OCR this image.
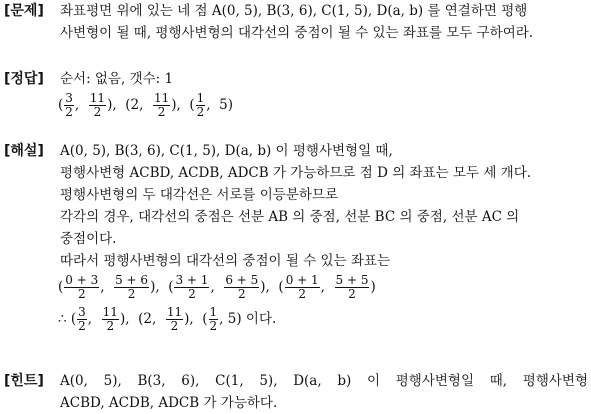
[문제] 좌표평면 위에 있는 네 점 A(0, 5), B(3, 6), C(1, 5), D(a, b) 를 연결하면 평행
사변형이 될 때, 평행사변형의 대각선의 중점이 될 수 있는 좌표를 모두 구하여라.
[정답] 순서: 없음, 갯수: 1
( $\frac{3}{2}$ , $\frac{11}{2}$ ),  (2, $\frac{11}{2}$ ),  ( $\frac{1}{2}$ ,  5)
[해설] A(0, 5), B(3, 6), C(1, 5), D(a, b) 이 평행사변형일 때,
평행사변형 ACBD, ACDB, ADCB 가 가능하므로 점 D 의 좌표는 모두 세 개다.
평행사변형의 두 대각선은 서로를 이등분하므로
각각의 경우, 대각선의 중점은 선분 AB 의 중점, 선분 BC 의 중점, 선분 AC 의
중점이다.
따라서 평행사변형의 대각선의 중점이 될 수 있는 좌표는
( $\frac{0 + 3}{2}$ , $\frac{5 + 6}{2}$ ),  ( $\frac{3 + 1}{2}$ , $\frac{6 + 5}{2}$ ),  ( $\frac{0 + 1}{2}$ , $\frac{5 + 5}{2}$ )
∴ ( $\frac{3}{2}$ , $\frac{11}{2}$ ),  (2, $\frac{11}{2}$ ),  ( $\frac{1}{2}$ , 5) 이다.
[힌트] A(0,  5),  B(3,  6),  C(1,  5),  D(a,  b)  이  평행사변형일  때,  평행사변형
ACBD, ACDB, ADCB 가 가능하다.
